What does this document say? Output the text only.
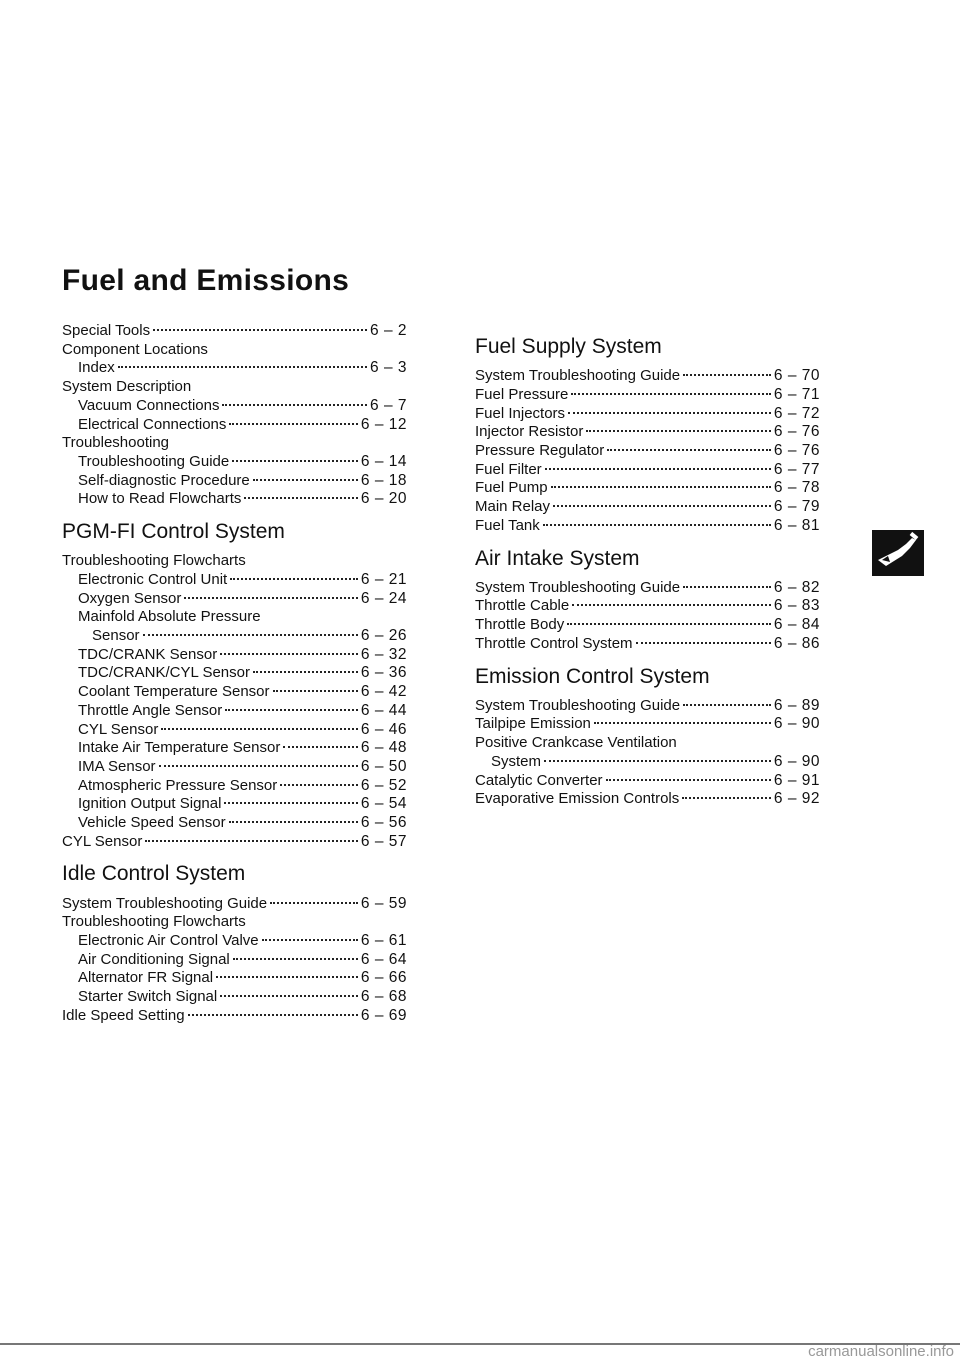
Fuel and Emissions
Special Tools	6 – 2
Component Locations
Index	6 – 3
System Description
Vacuum Connections	6 – 7
Electrical Connections	6 – 12
Troubleshooting
Troubleshooting Guide	6 – 14
Self-diagnostic Procedure	6 – 18
How to Read Flowcharts	6 – 20
PGM-FI Control System
Troubleshooting Flowcharts
Electronic Control Unit	6 – 21
Oxygen Sensor	6 – 24
Mainfold Absolute Pressure
Sensor	6 – 26
TDC/CRANK Sensor	6 – 32
TDC/CRANK/CYL Sensor	6 – 36
Coolant Temperature Sensor	6 – 42
Throttle Angle Sensor	6 – 44
CYL Sensor	6 – 46
Intake Air Temperature Sensor	6 – 48
IMA Sensor	6 – 50
Atmospheric Pressure Sensor	6 – 52
Ignition Output Signal	6 – 54
Vehicle Speed Sensor	6 – 56
CYL Sensor	6 – 57
Idle Control System
System Troubleshooting Guide	6 – 59
Troubleshooting Flowcharts
Electronic Air Control Valve	6 – 61
Air Conditioning Signal	6 – 64
Alternator FR Signal	6 – 66
Starter Switch Signal	6 – 68
Idle Speed Setting	6 – 69
Fuel Supply System
System Troubleshooting Guide	6 – 70
Fuel Pressure	6 – 71
Fuel Injectors	6 – 72
Injector Resistor	6 – 76
Pressure Regulator	6 – 76
Fuel Filter	6 – 77
Fuel Pump	6 – 78
Main Relay	6 – 79
Fuel Tank	6 – 81
Air Intake System
System Troubleshooting Guide	6 – 82
Throttle Cable	6 – 83
Throttle Body	6 – 84
Throttle Control System	6 – 86
Emission Control System
System Troubleshooting Guide	6 – 89
Tailpipe Emission	6 – 90
Positive Crankcase Ventilation
System	6 – 90
Catalytic Converter	6 – 91
Evaporative Emission Controls	6 – 92
carmanualsonline.info
